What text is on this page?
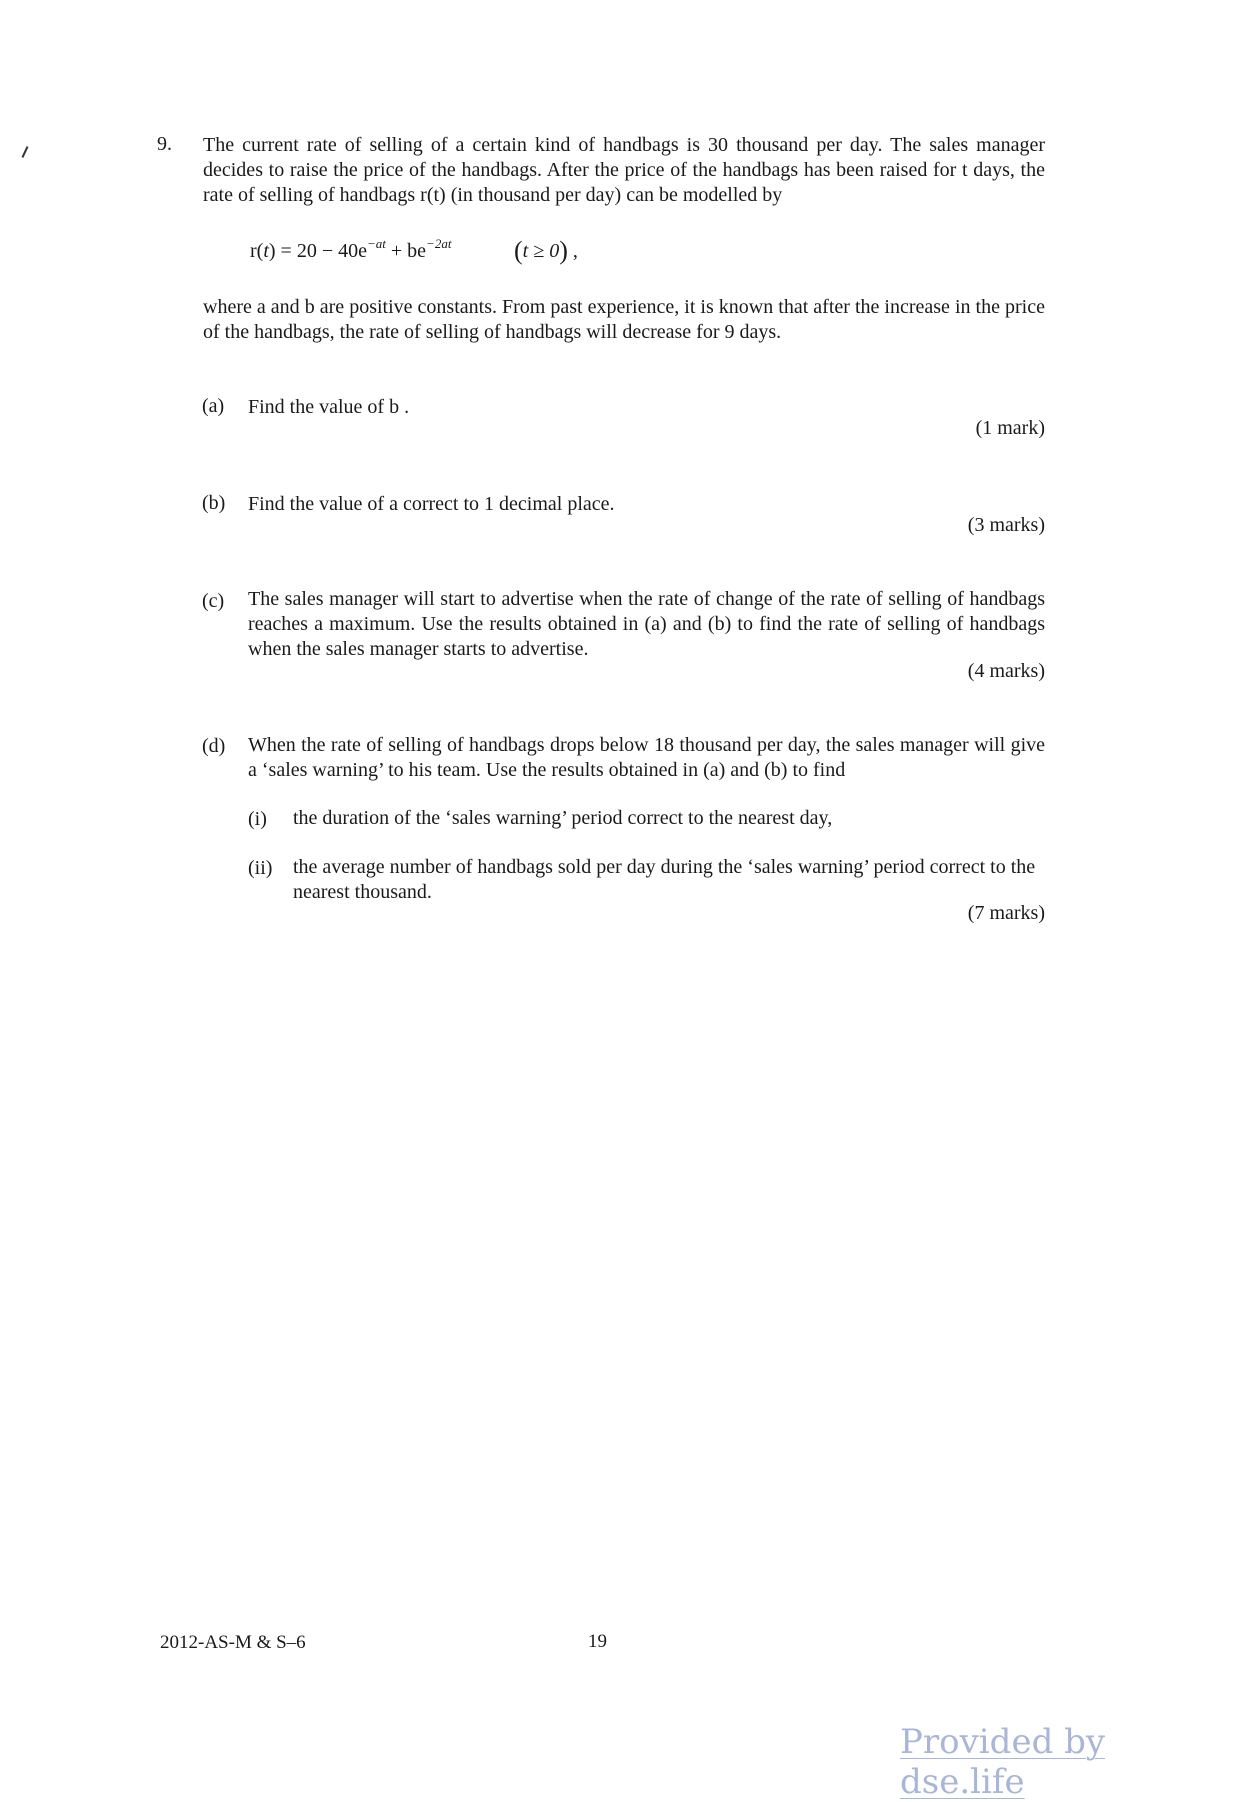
9. The current rate of selling of a certain kind of handbags is 30 thousand per day. The sales manager decides to raise the price of the handbags. After the price of the handbags has been raised for t days, the rate of selling of handbags r(t) (in thousand per day) can be modelled by
$r(t) = 20 - 40e^{-at} + be^{-2at}$ (t ≥ 0) ,
where a and b are positive constants. From past experience, it is known that after the increase in the price of the handbags, the rate of selling of handbags will decrease for 9 days.
(a) Find the value of b .
(1 mark)
(b) Find the value of a correct to 1 decimal place.
(3 marks)
(c) The sales manager will start to advertise when the rate of change of the rate of selling of handbags reaches a maximum. Use the results obtained in (a) and (b) to find the rate of selling of handbags when the sales manager starts to advertise.
(4 marks)
(d) When the rate of selling of handbags drops below 18 thousand per day, the sales manager will give a ‘sales warning’ to his team. Use the results obtained in (a) and (b) to find
(i) the duration of the ‘sales warning’ period correct to the nearest day,
(ii) the average number of handbags sold per day during the ‘sales warning’ period correct to the nearest thousand.
(7 marks)
2012-AS-M & S–6	19
Provided by dse.life
